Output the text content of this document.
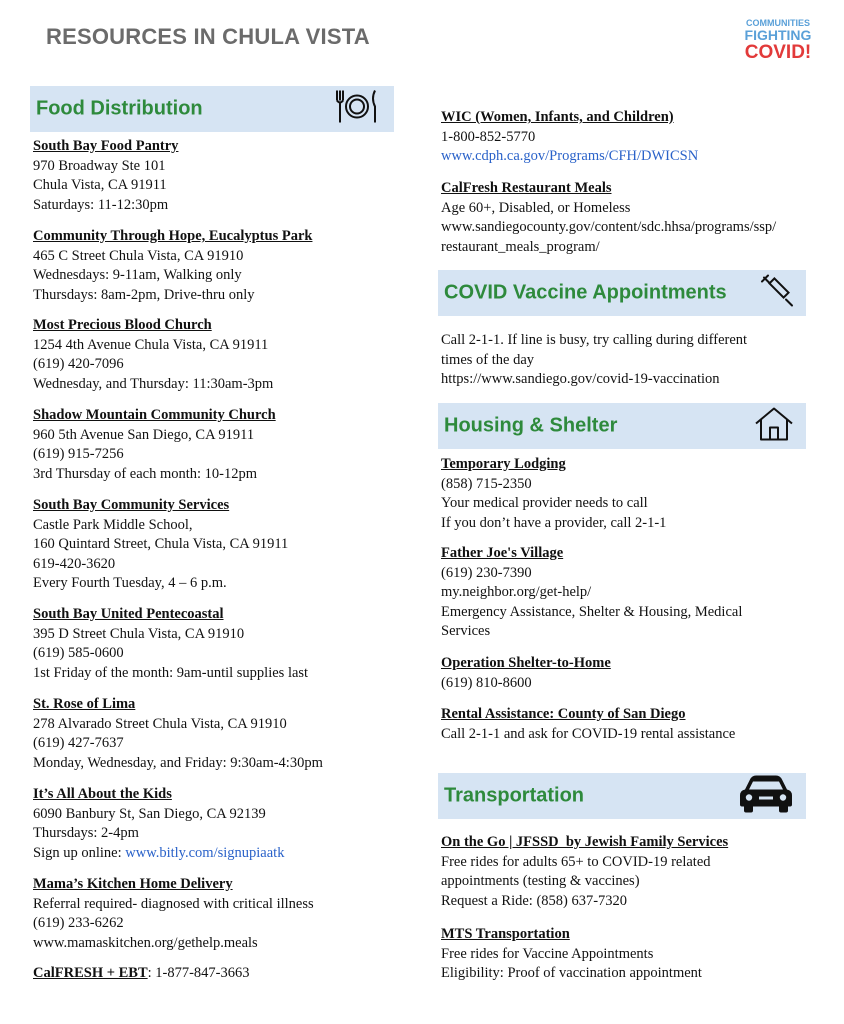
RESOURCES IN CHULA VISTA
COMMUNITIES
FIGHTING
COVID!
Food Distribution
South Bay Food Pantry
970 Broadway Ste 101
Chula Vista, CA 91911
Saturdays: 11-12:30pm
Community Through Hope, Eucalyptus Park
465 C Street Chula Vista, CA 91910
Wednesdays: 9-11am, Walking only
Thursdays: 8am-2pm, Drive-thru only
Most Precious Blood Church
1254 4th Avenue Chula Vista, CA 91911
(619) 420-7096
Wednesday, and Thursday: 11:30am-3pm
Shadow Mountain Community Church
960 5th Avenue San Diego, CA 91911
(619) 915-7256
3rd Thursday of each month: 10-12pm
South Bay Community Services
Castle Park Middle School,
160 Quintard Street, Chula Vista, CA 91911
619-420-3620
Every Fourth Tuesday, 4 – 6 p.m.
South Bay United Pentecoastal
395 D Street Chula Vista, CA 91910
(619) 585-0600
1st Friday of the month: 9am-until supplies last
St. Rose of Lima
278 Alvarado Street Chula Vista, CA 91910
(619) 427-7637
Monday, Wednesday, and Friday: 9:30am-4:30pm
It’s All About the Kids
6090 Banbury St, San Diego, CA 92139
Thursdays: 2-4pm
Sign up online: www.bitly.com/signupiaatk
Mama’s Kitchen Home Delivery
Referral required- diagnosed with critical illness
(619) 233-6262
www.mamaskitchen.org/gethelp.meals
CalFRESH + EBT: 1-877-847-3663
WIC (Women, Infants, and Children)
1-800-852-5770
www.cdph.ca.gov/Programs/CFH/DWICSN
CalFresh Restaurant Meals
Age 60+, Disabled, or Homeless
www.sandiegocounty.gov/content/sdc.hhsa/programs/ssp/
restaurant_meals_program/
COVID Vaccine Appointments
Call 2-1-1. If line is busy, try calling during different
times of the day
https://www.sandiego.gov/covid-19-vaccination
Housing & Shelter
Temporary Lodging
(858) 715-2350
Your medical provider needs to call
If you don’t have a provider, call 2-1-1
Father Joe's Village
(619) 230-7390
my.neighbor.org/get-help/
Emergency Assistance, Shelter & Housing, Medical
Services
Operation Shelter-to-Home
(619) 810-8600
Rental Assistance: County of San Diego
Call 2-1-1 and ask for COVID-19 rental assistance
Transportation
On the Go | JFSSD  by Jewish Family Services
Free rides for adults 65+ to COVID-19 related
appointments (testing & vaccines)
Request a Ride: (858) 637-7320
MTS Transportation
Free rides for Vaccine Appointments
Eligibility: Proof of vaccination appointment
